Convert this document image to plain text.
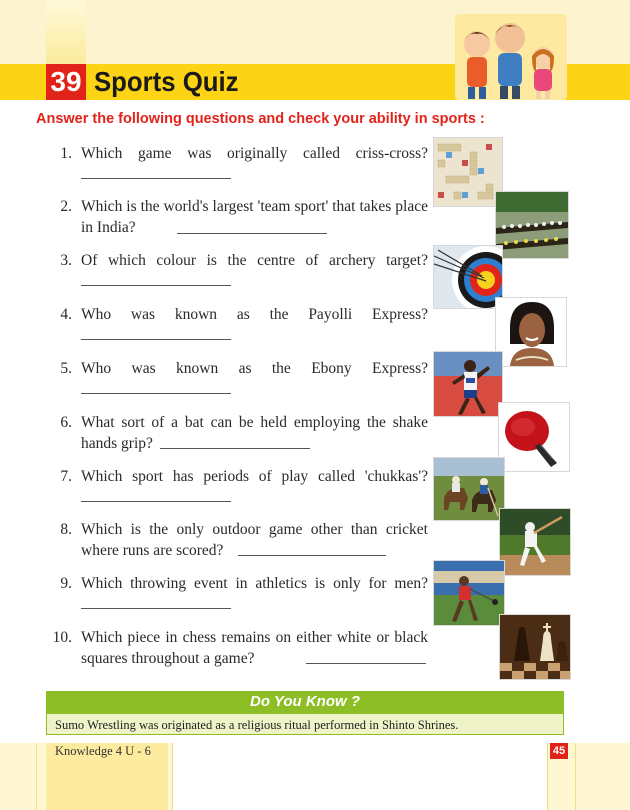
39 Sports Quiz
Answer the following questions and check your ability in sports :
1. Which game was originally called criss-cross?
2. Which is the world's largest 'team sport' that takes place in India?
3. Of which colour is the centre of archery target?
4. Who was known as the Payolli Express?
5. Who was known as the Ebony Express?
6. What sort of a bat can be held employing the shake hands grip?
7. Which sport has periods of play called 'chukkas'?
8. Which is the only outdoor game other than cricket where runs are scored?
9. Which throwing event in athletics is only for men?
10. Which piece in chess remains on either white or black squares throughout a game?
Do You Know ?
Sumo Wrestling was originated as a religious ritual performed in Shinto Shrines.
Knowledge 4 U - 6	45
